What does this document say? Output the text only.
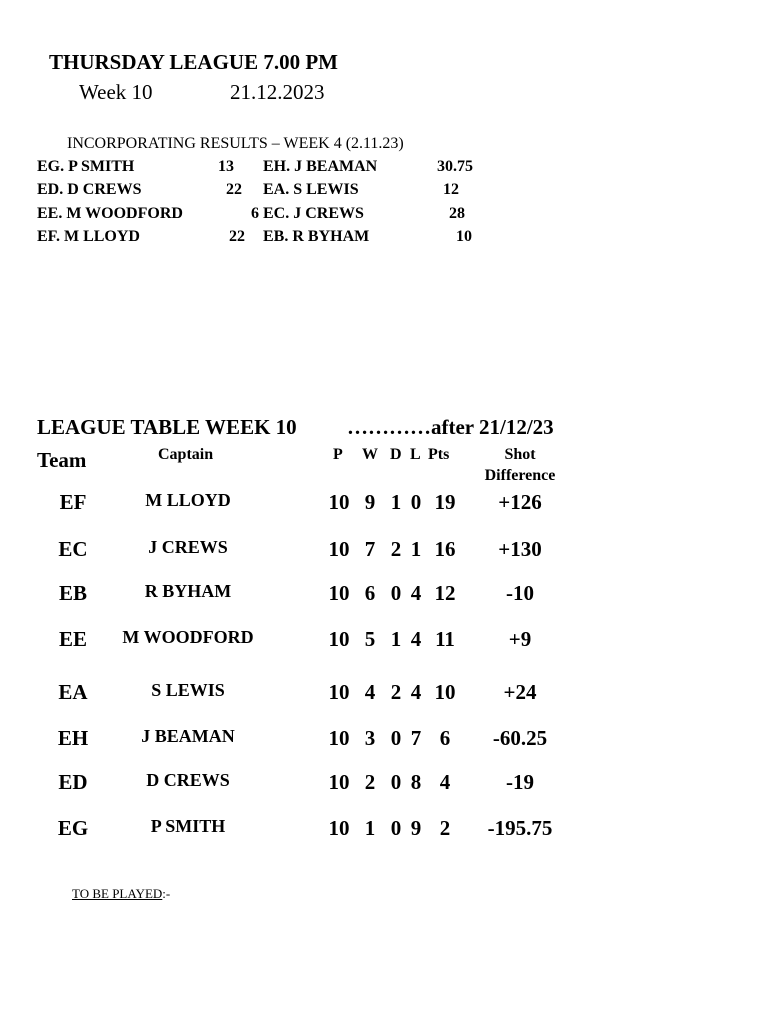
THURSDAY LEAGUE 7.00 PM
Week 10	21.12.2023
INCORPORATING RESULTS – WEEK 4 (2.11.23)
EG. P SMITH	13 EH. J BEAMAN	30.75
ED. D CREWS	22 EA. S LEWIS	12
EE. M WOODFORD	6 EC. J CREWS	28
EF. M LLOYD	22 EB. R BYHAM	10
LEAGUE TABLE WEEK 10 …………after 21/12/23
Team	Captain	P W D L Pts	Shot
Difference
EF	M LLOYD	10 9 1 0 19	+126
EC	J CREWS	10 7 2 1 16	+130
EB	R BYHAM	10 6 0 4 12	-10
EE	M WOODFORD	10 5 1 4 11	+9
EA	S LEWIS	10 4 2 4 10	+24
EH	J BEAMAN	10 3 0 7 6	-60.25
ED	D CREWS	10 2 0 8 4	-19
EG	P SMITH	10 1 0 9 2	-195.75
TO BE PLAYED:-
